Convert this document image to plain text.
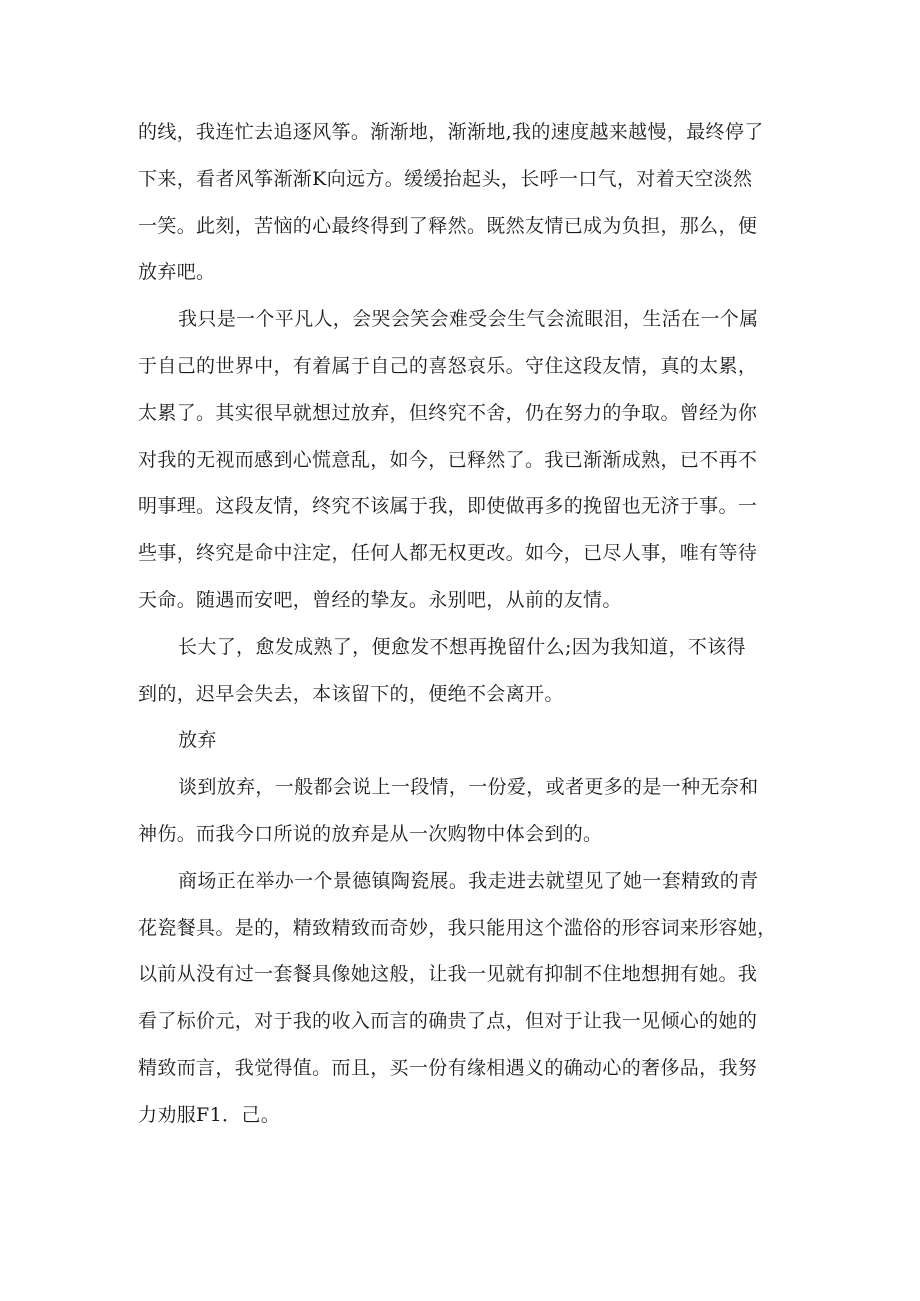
的线，我连忙去追逐风筝。渐渐地，渐渐地,我的速度越来越慢，最终停了
下来，看者风筝渐渐K向远方。缓缓抬起头，长呼一口气，对着天空淡然
一笑。此刻，苦恼的心最终得到了释然。既然友情已成为负担，那么，便
放弃吧。
我只是一个平凡人，会哭会笑会难受会生气会流眼泪，生活在一个属
于自己的世界中，有着属于自己的喜怒哀乐。守住这段友情，真的太累，
太累了。其实很早就想过放弃，但终究不舍，仍在努力的争取。曾经为你
对我的无视而感到心慌意乱，如今，已释然了。我已渐渐成熟，已不再不
明事理。这段友情，终究不该属于我，即使做再多的挽留也无济于事。一
些事，终究是命中注定，任何人都无权更改。如今，已尽人事，唯有等待
天命。随遇而安吧，曾经的挚友。永别吧，从前的友情。
长大了，愈发成熟了，便愈发不想再挽留什么;因为我知道，不该得
到的，迟早会失去，本该留下的，便绝不会离开。
放弃
谈到放弃，一般都会说上一段情，一份爱，或者更多的是一种无奈和
神伤。而我今口所说的放弃是从一次购物中体会到的。
商场正在举办一个景德镇陶瓷展。我走进去就望见了她一套精致的青
花瓷餐具。是的，精致精致而奇妙，我只能用这个滥俗的形容词来形容她，
以前从没有过一套餐具像她这般，让我一见就有抑制不住地想拥有她。我
看了标价元，对于我的收入而言的确贵了点，但对于让我一见倾心的她的
精致而言，我觉得值。而且，买一份有缘相遇义的确动心的奢侈品，我努
力劝服F1．己。
